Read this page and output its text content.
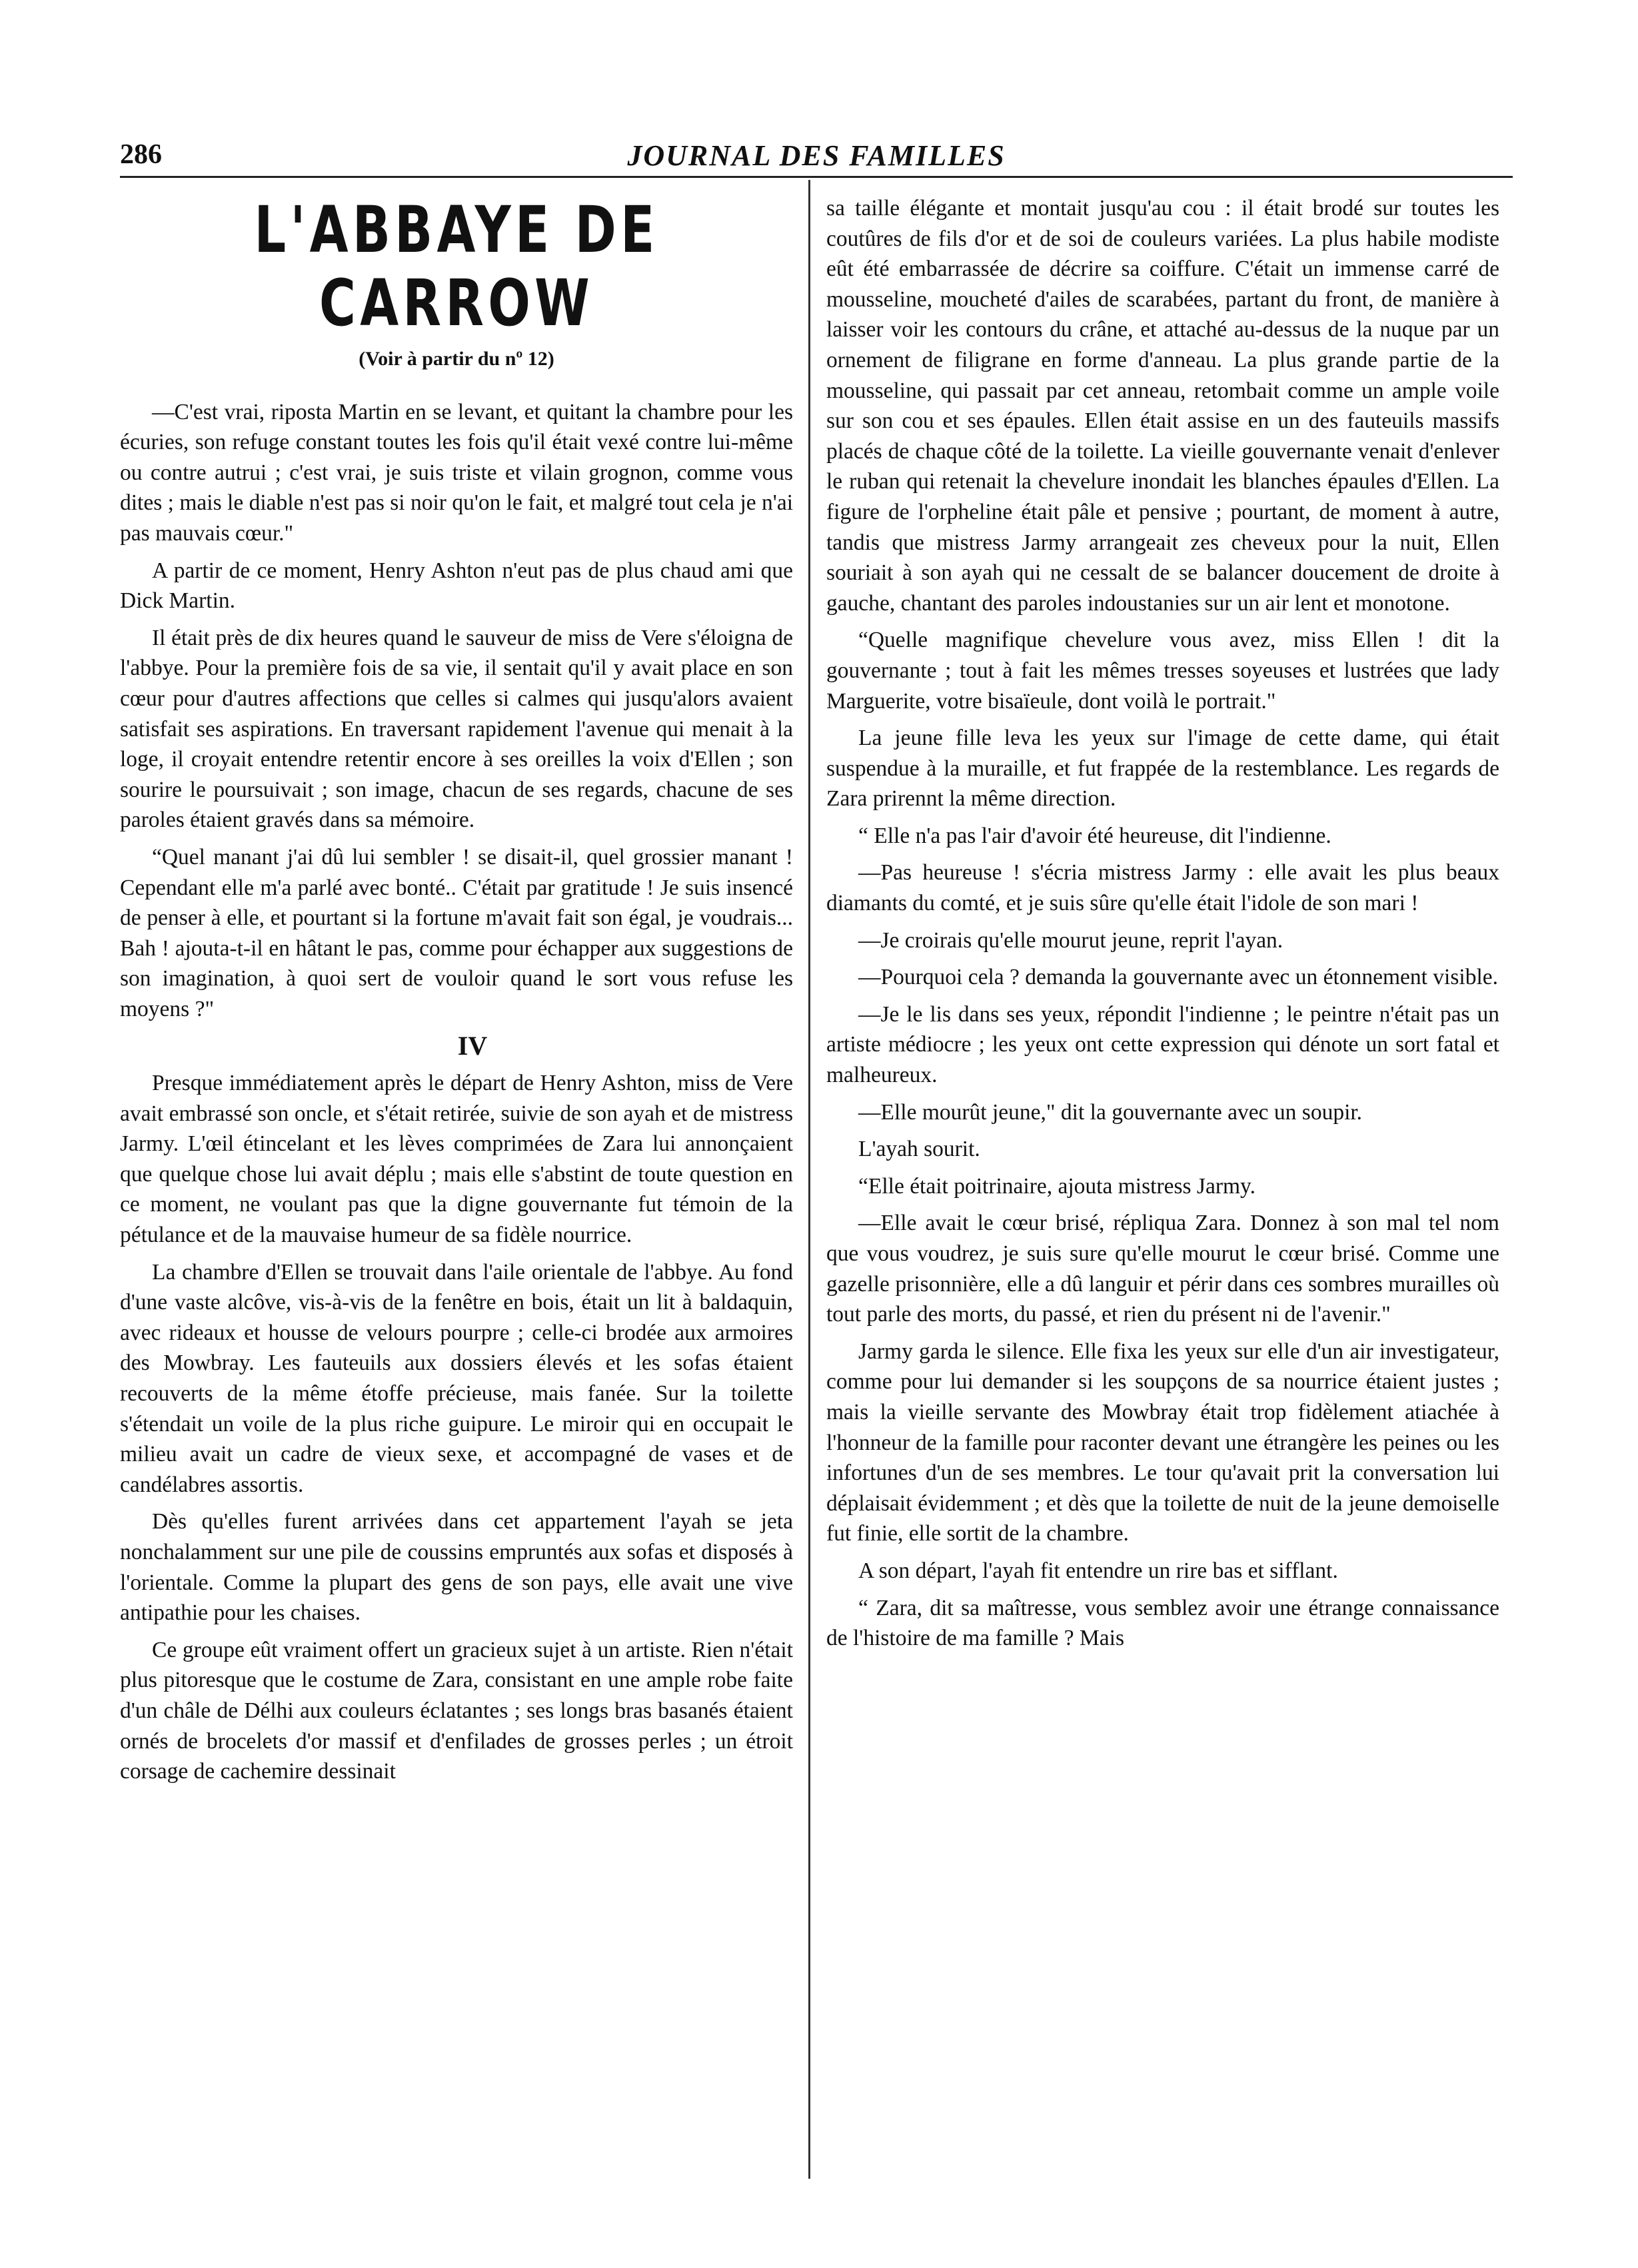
286	JOURNAL DES FAMILLES
L'ABBAYE DE CARROW
(Voir à partir du nº 12)

—C'est vrai, riposta Martin en se levant, et quitant la chambre pour les écuries, son refuge constant toutes les fois qu'il était vexé contre lui-même ou contre autrui ; c'est vrai, je suis triste et vilain grognon, comme vous dites ; mais le diable n'est pas si noir qu'on le fait, et malgré tout cela je n'ai pas mauvais cœur."

A partir de ce moment, Henry Ashton n'eut pas de plus chaud ami que Dick Martin.

Il était près de dix heures quand le sauveur de miss de Vere s'éloigna de l'abbye. Pour la première fois de sa vie, il sentait qu'il y avait place en son cœur pour d'autres affections que celles si calmes qui jusqu'alors avaient satisfait ses aspirations. En traversant rapidement l'avenue qui menait à la loge, il croyait entendre retentir encore à ses oreilles la voix d'Ellen ; son sourire le poursuivait ; son image, chacun de ses regards, chacune de ses paroles étaient gravés dans sa mémoire.

“Quel manant j'ai dû lui sembler ! se disait-il, quel grossier manant ! Cependant elle m'a parlé avec bonté.. C'était par gratitude ! Je suis insencé de penser à elle, et pourtant si la fortune m'avait fait son égal, je voudrais... Bah ! ajouta-t-il en hâtant le pas, comme pour échapper aux suggestions de son imagination, à quoi sert de vouloir quand le sort vous refuse les moyens ?"

IV

Presque immédiatement après le départ de Henry Ashton, miss de Vere avait embrassé son oncle, et s'était retirée, suivie de son ayah et de mistress Jarmy. L'œil étincelant et les lèves comprimées de Zara lui annonçaient que quelque chose lui avait déplu ; mais elle s'abstint de toute question en ce moment, ne voulant pas que la digne gouvernante fut témoin de la pétulance et de la mauvaise humeur de sa fidèle nourrice.

La chambre d'Ellen se trouvait dans l'aile orientale de l'abbye. Au fond d'une vaste alcôve, vis-à-vis de la fenêtre en bois, était un lit à baldaquin, avec rideaux et housse de velours pourpre ; celle-ci brodée aux armoires des Mowbray. Les fauteuils aux dossiers élevés et les sofas étaient recouverts de la même étoffe précieuse, mais fanée. Sur la toilette s'étendait un voile de la plus riche guipure. Le miroir qui en occupait le milieu avait un cadre de vieux sexe, et accompagné de vases et de candélabres assortis.

Dès qu'elles furent arrivées dans cet appartement l'ayah se jeta nonchalamment sur une pile de coussins empruntés aux sofas et disposés à l'orientale. Comme la plupart des gens de son pays, elle avait une vive antipathie pour les chaises.

Ce groupe eût vraiment offert un gracieux sujet à un artiste. Rien n'était plus pitoresque que le costume de Zara, consistant en une ample robe faite d'un châle de Délhi aux couleurs éclatantes ; ses longs bras basanés étaient ornés de brocelets d'or massif et d'enfilades de grosses perles ; un étroit corsage de cachemire dessinait

sa taille élégante et montait jusqu'au cou : il était brodé sur toutes les coutûres de fils d'or et de soi de couleurs variées. La plus habile modiste eût été embarrassée de décrire sa coiffure. C'était un immense carré de mousseline, moucheté d'ailes de scarabées, partant du front, de manière à laisser voir les contours du crâne, et attaché au-dessus de la nuque par un ornement de filigrane en forme d'anneau. La plus grande partie de la mousseline, qui passait par cet anneau, retombait comme un ample voile sur son cou et ses épaules. Ellen était assise en un des fauteuils massifs placés de chaque côté de la toilette. La vieille gouvernante venait d'enlever le ruban qui retenait la chevelure inondait les blanches épaules d'Ellen. La figure de l'orpheline était pâle et pensive ; pourtant, de moment à autre, tandis que mistress Jarmy arrangeait zes cheveux pour la nuit, Ellen souriait à son ayah qui ne cessalt de se balancer doucement de droite à gauche, chantant des paroles indoustanies sur un air lent et monotone.

“Quelle magnifique chevelure vous avez, miss Ellen ! dit la gouvernante ; tout à fait les mêmes tresses soyeuses et lustrées que lady Marguerite, votre bisaïeule, dont voilà le portrait."

La jeune fille leva les yeux sur l'image de cette dame, qui était suspendue à la muraille, et fut frappée de la restemblance. Les regards de Zara prirennt la même direction.

“ Elle n'a pas l'air d'avoir été heureuse, dit l'indienne.

—Pas heureuse ! s'écria mistress Jarmy : elle avait les plus beaux diamants du comté, et je suis sûre qu'elle était l'idole de son mari !

—Je croirais qu'elle mourut jeune, reprit l'ayan.

—Pourquoi cela ? demanda la gouvernante avec un étonnement visible.

—Je le lis dans ses yeux, répondit l'indienne ; le peintre n'était pas un artiste médiocre ; les yeux ont cette expression qui dénote un sort fatal et malheureux.

—Elle mourût jeune," dit la gouvernante avec un soupir.

L'ayah sourit.

“Elle était poitrinaire, ajouta mistress Jarmy.

—Elle avait le cœur brisé, répliqua Zara. Donnez à son mal tel nom que vous voudrez, je suis sure qu'elle mourut le cœur brisé. Comme une gazelle prisonnière, elle a dû languir et périr dans ces sombres murailles où tout parle des morts, du passé, et rien du présent ni de l'avenir."

Jarmy garda le silence. Elle fixa les yeux sur elle d'un air investigateur, comme pour lui demander si les soupçons de sa nourrice étaient justes ; mais la vieille servante des Mowbray était trop fidèlement atiachée à l'honneur de la famille pour raconter devant une étrangère les peines ou les infortunes d'un de ses membres. Le tour qu'avait prit la conversation lui déplaisait évidemment ; et dès que la toilette de nuit de la jeune demoiselle fut finie, elle sortit de la chambre.

A son départ, l'ayah fit entendre un rire bas et sifflant.

“ Zara, dit sa maîtresse, vous semblez avoir une étrange connaissance de l'histoire de ma famille ? Mais
